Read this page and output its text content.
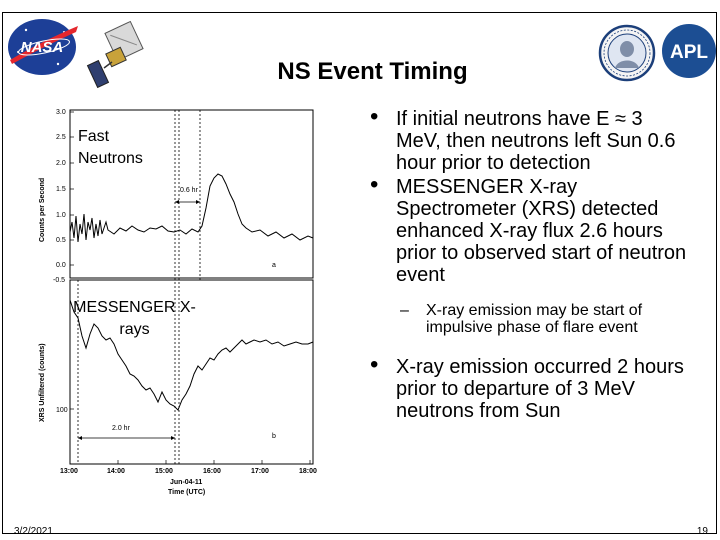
NASA	APL
NS Event Timing
Counts per Second
3.0
2.5
2.0
1.5
1.0
0.5
0.0
-0.5
0.6 hr
a
XRS Unfiltered (counts) 100
2.0 hr
b
13:00	14:00	15:00	16:00	17:00	18:00
Jun-04-11
Time (UTC)
Fast Neutrons
MESSENGER X-rays
• If initial neutrons have E ≈ 3 MeV, then neutrons left Sun 0.6 hour prior to detection
• MESSENGER X-ray Spectrometer (XRS) detected enhanced X-ray flux 2.6 hours prior to observed start of neutron event
– X-ray emission may be start of impulsive phase of flare event
• X-ray emission occurred 2 hours prior to departure of 3 MeV neutrons from Sun
3/2/2021	19
